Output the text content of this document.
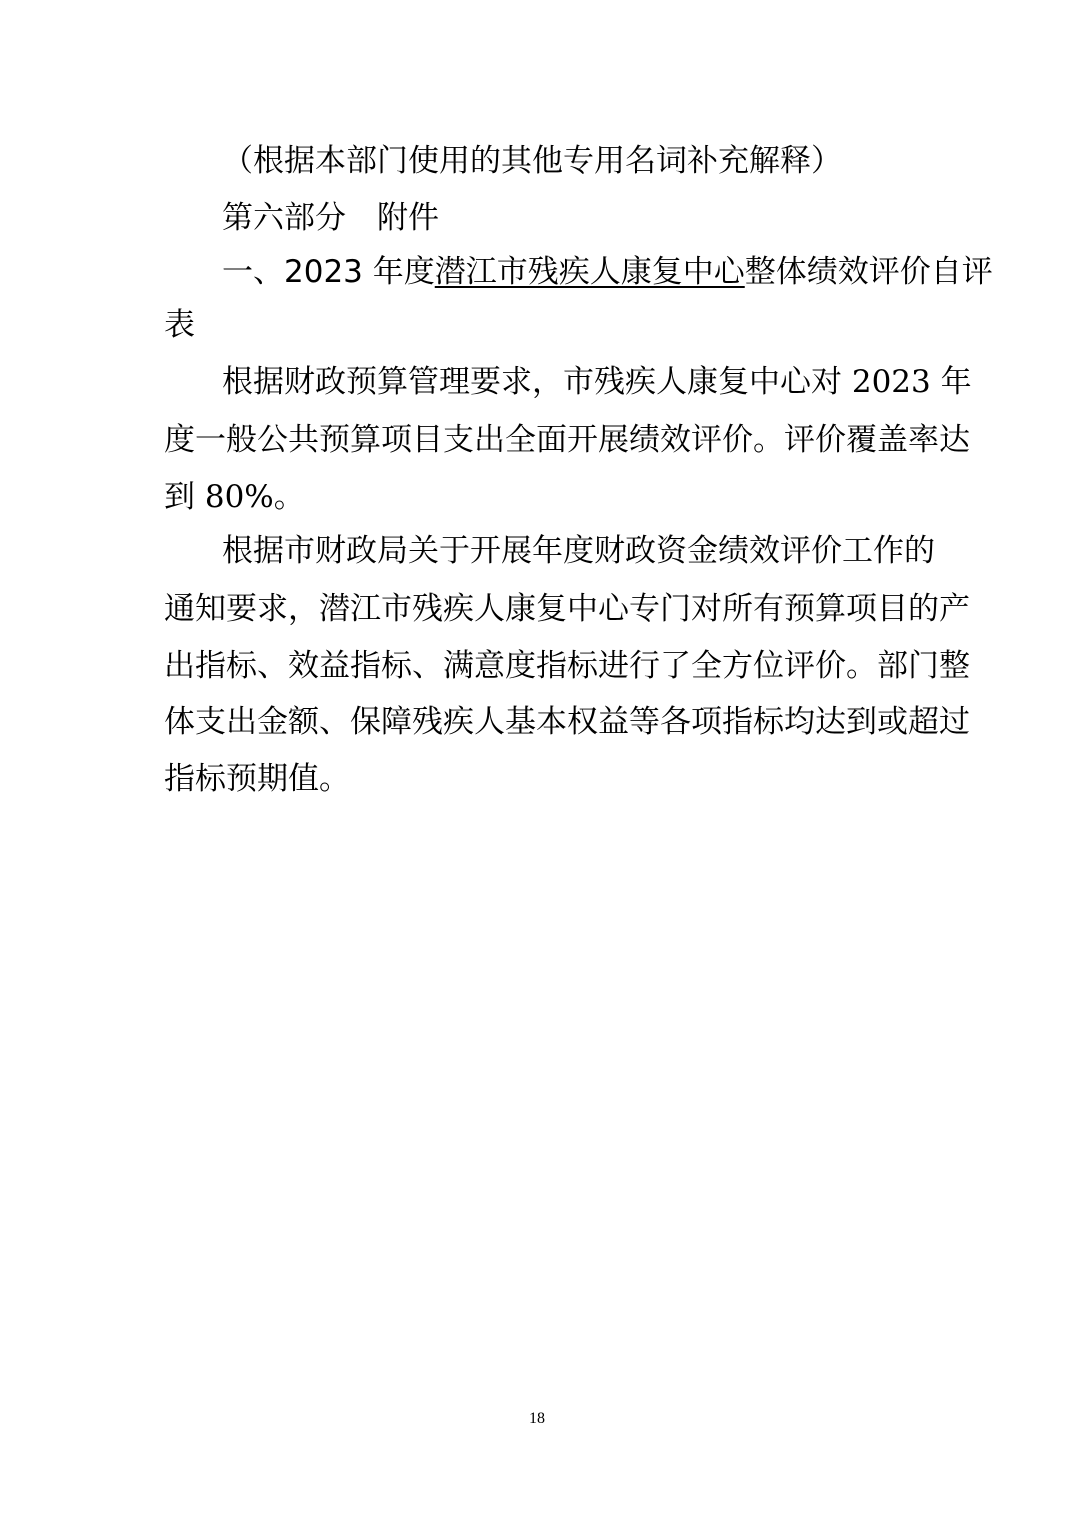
（根据本部门使用的其他专用名词补充解释）
第六部分　附件
一、2023 年度潜江市残疾人康复中心整体绩效评价自评
表
根据财政预算管理要求，市残疾人康复中心对 2023 年
度一般公共预算项目支出全面开展绩效评价。评价覆盖率达
到 80%。
根据市财政局关于开展年度财政资金绩效评价工作的
通知要求，潜江市残疾人康复中心专门对所有预算项目的产
出指标、效益指标、满意度指标进行了全方位评价。部门整
体支出金额、保障残疾人基本权益等各项指标均达到或超过
指标预期值。
18
